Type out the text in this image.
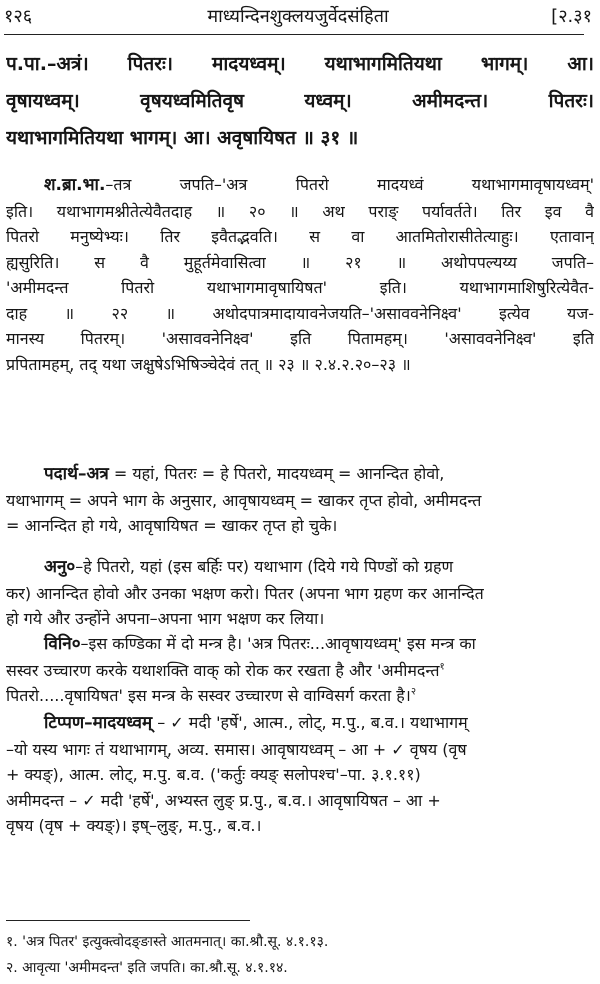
१२६	माध्यन्दिनशुक्लयजुर्वेदसंहिता	[२.३१
प.पा.–अत्रं। पितरः। मादयध्वम्। यथाभागमितियथा भागम्। आ।
वृषायध्वम्। वृषयध्वमितिवृष यध्वम्। अमीमदन्त। पितरः।
यथाभागमितियथा भागम्। आ। अवृषायिषत ॥ ३१ ॥
श.ब्रा.भा.–तत्र जपति–'अत्र पितरो मादयध्वं यथाभागमावृषायध्वम्'
इति। यथाभागमश्नीतेत्येवैतदाह ॥ २० ॥ अथ पराङ् पर्यावर्तते। तिर इव वै
पितरो मनुष्येभ्यः। तिर इवैतद्भवति। स वा आतमितोरासीतेत्याहुः। एतावान्
ह्यसुरिति। स वै मुहूर्तमेवासित्वा ॥ २१ ॥ अथोपपल्यय्य जपति–
'अमीमदन्त पितरो यथाभागमावृषायिषत' इति। यथाभागमाशिषुरित्येवैत-
दाह ॥ २२ ॥ अथोदपात्रमादायावनेजयति–'असाववनेनिक्ष्व' इत्येव यज-
मानस्य पितरम्। 'असाववनेनिक्ष्व' इति पितामहम्। 'असाववनेनिक्ष्व' इति
प्रपितामहम्, तद् यथा जक्षुषेऽभिषिञ्चेदेवं तत् ॥ २३ ॥ २.४.२.२०–२३ ॥
पदार्थ–अत्र = यहां, पितरः = हे पितरो, मादयध्वम् = आनन्दित होवो,
यथाभागम् = अपने भाग के अनुसार, आवृषायध्वम् = खाकर तृप्त होवो, अमीमदन्त
= आनन्दित हो गये, आवृषायिषत = खाकर तृप्त हो चुके।
अनु०–हे पितरो, यहां (इस बर्हिः पर) यथाभाग (दिये गये पिण्डों को ग्रहण
कर) आनन्दित होवो और उनका भक्षण करो। पितर (अपना भाग ग्रहण कर आनन्दित
हो गये और उन्होंने अपना–अपना भाग भक्षण कर लिया।
विनि०–इस कण्डिका में दो मन्त्र है। 'अत्र पितरः...आवृषायध्वम्' इस मन्त्र का
सस्वर उच्चारण करके यथाशक्ति वाक् को रोक कर रखता है और 'अमीमदन्त$^१$
पितरो.....वृषायिषत' इस मन्त्र के सस्वर उच्चारण से वाग्विसर्ग करता है।$^२$
टिप्पण–मादयध्वम् – ✓ मदी 'हर्षे', आत्म., लोट्, म.पु., ब.व.। यथाभागम्
–यो यस्य भागः तं यथाभागम्, अव्य. समास। आवृषायध्वम् – आ + ✓ वृषय (वृष
+ क्यङ्), आत्म. लोट्, म.पु. ब.व. ('कर्तुः क्यङ् सलोपश्च'–पा. ३.१.११)
अमीमदन्त – ✓ मदी 'हर्षे', अभ्यस्त लुङ् प्र.पु., ब.व.। आवृषायिषत – आ +
वृषय (वृष + क्यङ्)। इष्–लुङ्, म.पु., ब.व.।
१. 'अत्र पितर' इत्युक्त्वोदङ्ङास्ते आतमनात्। का.श्रौ.सू. ४.१.१३.
२. आवृत्या 'अमीमदन्त' इति जपति। का.श्रौ.सू. ४.१.१४.
